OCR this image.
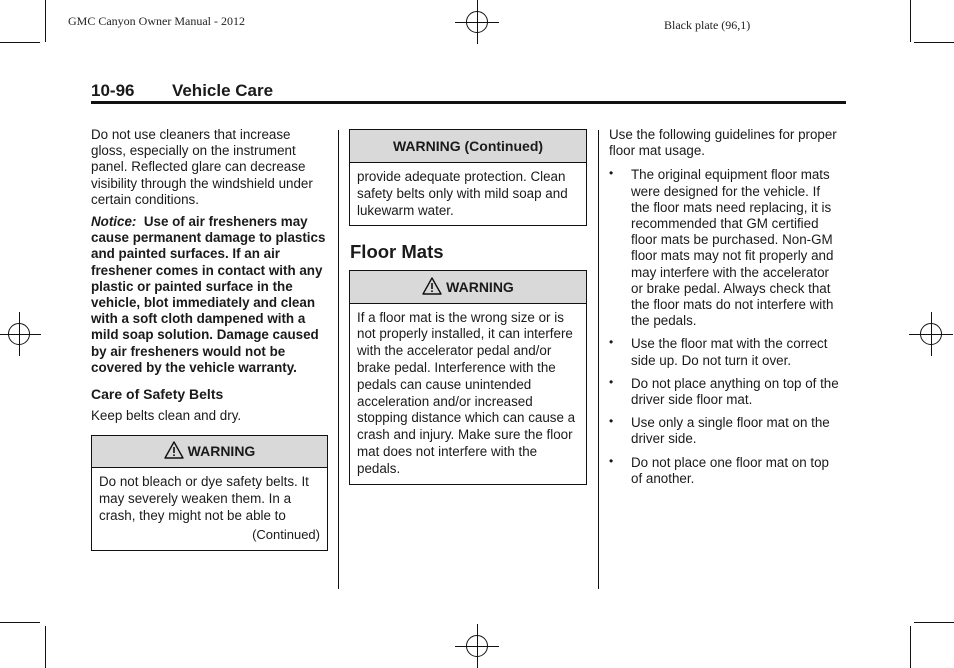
GMC Canyon Owner Manual - 2012	Black plate (96,1)
10-96 Vehicle Care

Do not use cleaners that increase gloss, especially on the instrument panel. Reflected glare can decrease visibility through the windshield under certain conditions.

Notice: Use of air fresheners may cause permanent damage to plastics and painted surfaces. If an air freshener comes in contact with any plastic or painted surface in the vehicle, blot immediately and clean with a soft cloth dampened with a mild soap solution. Damage caused by air fresheners would not be covered by the vehicle warranty.

Care of Safety Belts

Keep belts clean and dry.

WARNING
Do not bleach or dye safety belts. It may severely weaken them. In a crash, they might not be able to
(Continued)
WARNING (Continued)
provide adequate protection. Clean safety belts only with mild soap and lukewarm water.
Floor Mats
WARNING
If a floor mat is the wrong size or is not properly installed, it can interfere with the accelerator pedal and/or brake pedal. Interference with the pedals can cause unintended acceleration and/or increased stopping distance which can cause a crash and injury. Make sure the floor mat does not interfere with the pedals.

Use the following guidelines for proper floor mat usage.

• The original equipment floor mats were designed for the vehicle. If the floor mats need replacing, it is recommended that GM certified floor mats be purchased. Non-GM floor mats may not fit properly and may interfere with the accelerator or brake pedal. Always check that the floor mats do not interfere with the pedals.
• Use the floor mat with the correct side up. Do not turn it over.
• Do not place anything on top of the driver side floor mat.
• Use only a single floor mat on the driver side.
• Do not place one floor mat on top of another.
